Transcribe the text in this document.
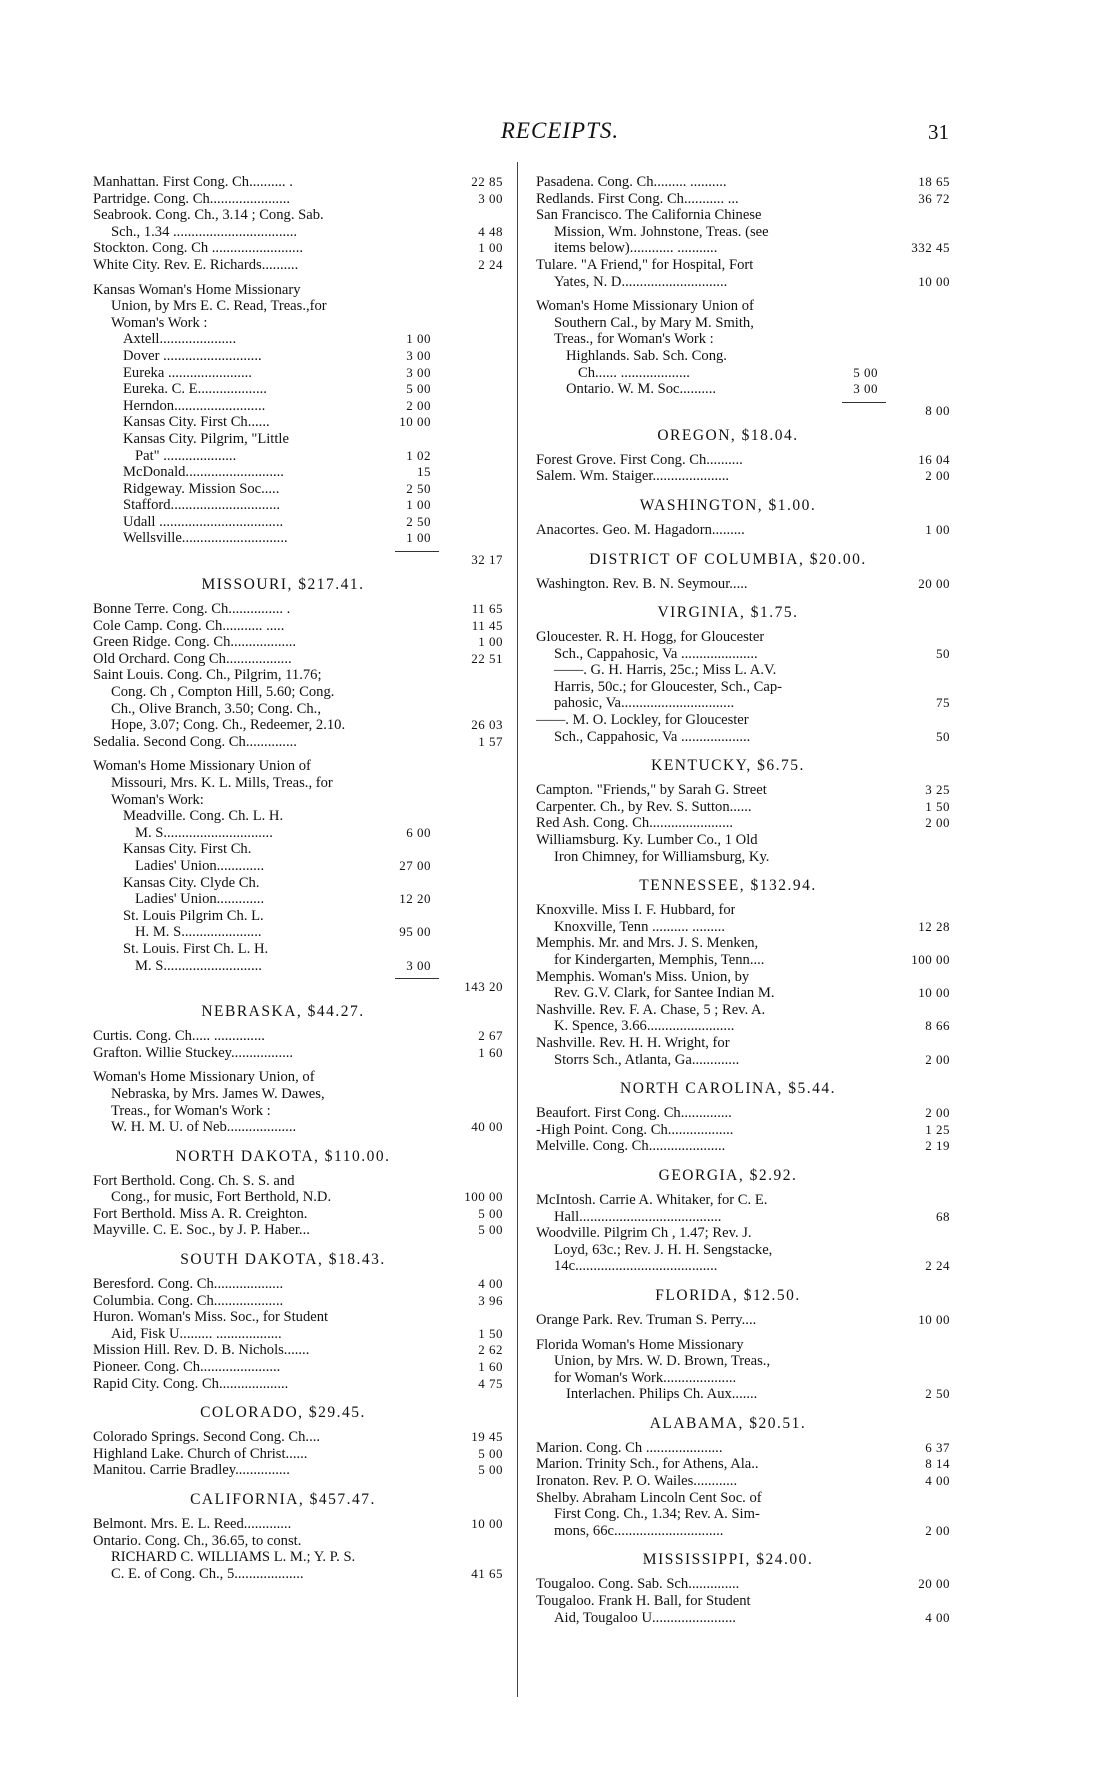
RECEIPTS.	31
Manhattan. First Cong. Ch.......... .	22 85
Partridge. Cong. Ch......................	3 00
Seabrook. Cong. Ch., 3.14 ; Cong. Sab.
Sch., 1.34 ..................................	4 48
Stockton. Cong. Ch .........................	1 00
White City. Rev. E. Richards..........	2 24
Kansas Woman's Home Missionary
Union, by Mrs E. C. Read, Treas.,for
Woman's Work :
Axtell.....................	1 00
Dover ...........................	3 00
Eureka .......................	3 00
Eureka. C. E...................	5 00
Herndon.........................	2 00
Kansas City. First Ch......	10 00
Kansas City. Pilgrim, "Little
Pat" ....................	1 02
McDonald...........................	15
Ridgeway. Mission Soc.....	2 50
Stafford..............................	1 00
Udall ..................................	2 50
Wellsville.............................	1 00
32 17
MISSOURI, $217.41.
Bonne Terre. Cong. Ch............... .	11 65
Cole Camp. Cong. Ch........... .....	11 45
Green Ridge. Cong. Ch..................	1 00
Old Orchard. Cong Ch..................	22 51
Saint Louis. Cong. Ch., Pilgrim, 11.76;
Cong. Ch , Compton Hill, 5.60; Cong.
Ch., Olive Branch, 3.50; Cong. Ch.,
Hope, 3.07; Cong. Ch., Redeemer, 2.10.	26 03
Sedalia. Second Cong. Ch..............	1 57
Woman's Home Missionary Union of
Missouri, Mrs. K. L. Mills, Treas., for
Woman's Work:
Meadville. Cong. Ch. L. H.
M. S..............................	6 00
Kansas City. First Ch.
Ladies' Union.............	27 00
Kansas City. Clyde Ch.
Ladies' Union.............	12 20
St. Louis Pilgrim Ch. L.
H. M. S......................	95 00
St. Louis. First Ch. L. H.
M. S...........................	3 00
143 20
NEBRASKA, $44.27.
Curtis. Cong. Ch..... ..............	2 67
Grafton. Willie Stuckey.................	1 60
Woman's Home Missionary Union, of
Nebraska, by Mrs. James W. Dawes,
Treas., for Woman's Work :
W. H. M. U. of Neb...................	40 00
NORTH DAKOTA, $110.00.
Fort Berthold. Cong. Ch. S. S. and
Cong., for music, Fort Berthold, N.D.	100 00
Fort Berthold. Miss A. R. Creighton.	5 00
Mayville. C. E. Soc., by J. P. Haber...	5 00
SOUTH DAKOTA, $18.43.
Beresford. Cong. Ch...................	4 00
Columbia. Cong. Ch...................	3 96
Huron. Woman's Miss. Soc., for Student
Aid, Fisk U......... ..................	1 50
Mission Hill. Rev. D. B. Nichols.......	2 62
Pioneer. Cong. Ch......................	1 60
Rapid City. Cong. Ch...................	4 75
COLORADO, $29.45.
Colorado Springs. Second Cong. Ch....	19 45
Highland Lake. Church of Christ......	5 00
Manitou. Carrie Bradley...............	5 00
CALIFORNIA, $457.47.
Belmont. Mrs. E. L. Reed.............	10 00
Ontario. Cong. Ch., 36.65, to const.
RICHARD C. WILLIAMS L. M.; Y. P. S.
C. E. of Cong. Ch., 5...................	41 65
Pasadena. Cong. Ch......... ..........	18 65
Redlands. First Cong. Ch........... ...	36 72
San Francisco. The California Chinese
Mission, Wm. Johnstone, Treas. (see
items below)............ ...........	332 45
Tulare. "A Friend," for Hospital, Fort
Yates, N. D.............................	10 00
Woman's Home Missionary Union of
Southern Cal., by Mary M. Smith,
Treas., for Woman's Work :
Highlands. Sab. Sch. Cong.
Ch...... ...................	5 00
Ontario. W. M. Soc..........	3 00
8 00
OREGON, $18.04.
Forest Grove. First Cong. Ch..........	16 04
Salem. Wm. Staiger.....................	2 00
WASHINGTON, $1.00.
Anacortes. Geo. M. Hagadorn.........	1 00
DISTRICT OF COLUMBIA, $20.00.
Washington. Rev. B. N. Seymour.....	20 00
VIRGINIA, $1.75.
Gloucester. R. H. Hogg, for Gloucester
Sch., Cappahosic, Va .....................	50
——. G. H. Harris, 25c.; Miss L. A.V.
Harris, 50c.; for Gloucester, Sch., Cap-
pahosic, Va...............................	75
——. M. O. Lockley, for Gloucester
Sch., Cappahosic, Va ...................	50
KENTUCKY, $6.75.
Campton. "Friends," by Sarah G. Street	3 25
Carpenter. Ch., by Rev. S. Sutton......	1 50
Red Ash. Cong. Ch.......................	2 00
Williamsburg. Ky. Lumber Co., 1 Old
Iron Chimney, for Williamsburg, Ky.
TENNESSEE, $132.94.
Knoxville. Miss I. F. Hubbard, for
Knoxville, Tenn .......... .........	12 28
Memphis. Mr. and Mrs. J. S. Menken,
for Kindergarten, Memphis, Tenn....	100 00
Memphis. Woman's Miss. Union, by
Rev. G.V. Clark, for Santee Indian M.	10 00
Nashville. Rev. F. A. Chase, 5 ; Rev. A.
K. Spence, 3.66........................	8 66
Nashville. Rev. H. H. Wright, for
Storrs Sch., Atlanta, Ga.............	2 00
NORTH CAROLINA, $5.44.
Beaufort. First Cong. Ch..............	2 00
-High Point. Cong. Ch..................	1 25
Melville. Cong. Ch.....................	2 19
GEORGIA, $2.92.
McIntosh. Carrie A. Whitaker, for C. E.
Hall.......................................	68
Woodville. Pilgrim Ch , 1.47; Rev. J.
Loyd, 63c.; Rev. J. H. H. Sengstacke,
14c.......................................	2 24
FLORIDA, $12.50.
Orange Park. Rev. Truman S. Perry....	10 00
Florida Woman's Home Missionary
Union, by Mrs. W. D. Brown, Treas.,
for Woman's Work....................
Interlachen. Philips Ch. Aux.......	2 50
ALABAMA, $20.51.
Marion. Cong. Ch .....................	6 37
Marion. Trinity Sch., for Athens, Ala..	8 14
Ironaton. Rev. P. O. Wailes............	4 00
Shelby. Abraham Lincoln Cent Soc. of
First Cong. Ch., 1.34; Rev. A. Sim-
mons, 66c..............................	2 00
MISSISSIPPI, $24.00.
Tougaloo. Cong. Sab. Sch..............	20 00
Tougaloo. Frank H. Ball, for Student
Aid, Tougaloo U.......................	4 00
